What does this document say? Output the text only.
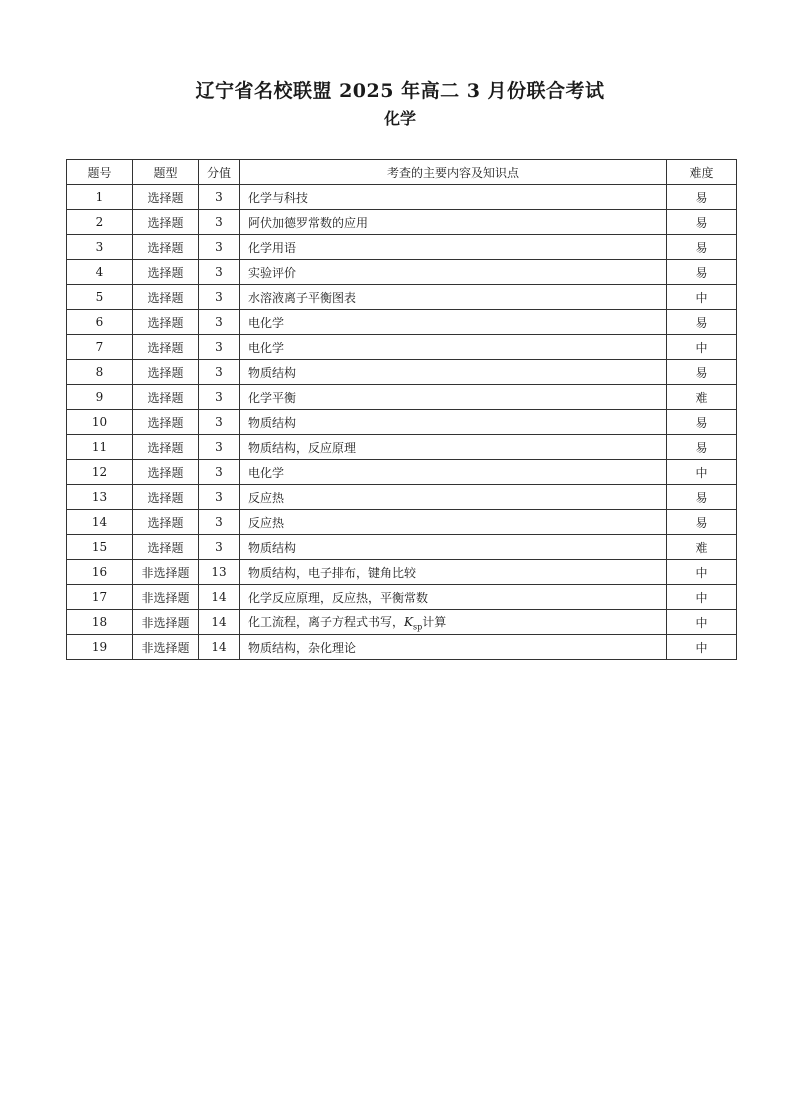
辽宁省名校联盟 2025 年高二 3 月份联合考试
化学
题号	题型	分值	考查的主要内容及知识点	难度
1	选择题	3	化学与科技	易
2	选择题	3	阿伏加德罗常数的应用	易
3	选择题	3	化学用语	易
4	选择题	3	实验评价	易
5	选择题	3	水溶液离子平衡图表	中
6	选择题	3	电化学	易
7	选择题	3	电化学	中
8	选择题	3	物质结构	易
9	选择题	3	化学平衡	难
10	选择题	3	物质结构	易
11	选择题	3	物质结构，反应原理	易
12	选择题	3	电化学	中
13	选择题	3	反应热	易
14	选择题	3	反应热	易
15	选择题	3	物质结构	难
16	非选择题	13	物质结构，电子排布，键角比较	中
17	非选择题	14	化学反应原理，反应热，平衡常数	中
18	非选择题	14	化工流程，离子方程式书写，$K_{sp}$计算	中
19	非选择题	14	物质结构，杂化理论	中
